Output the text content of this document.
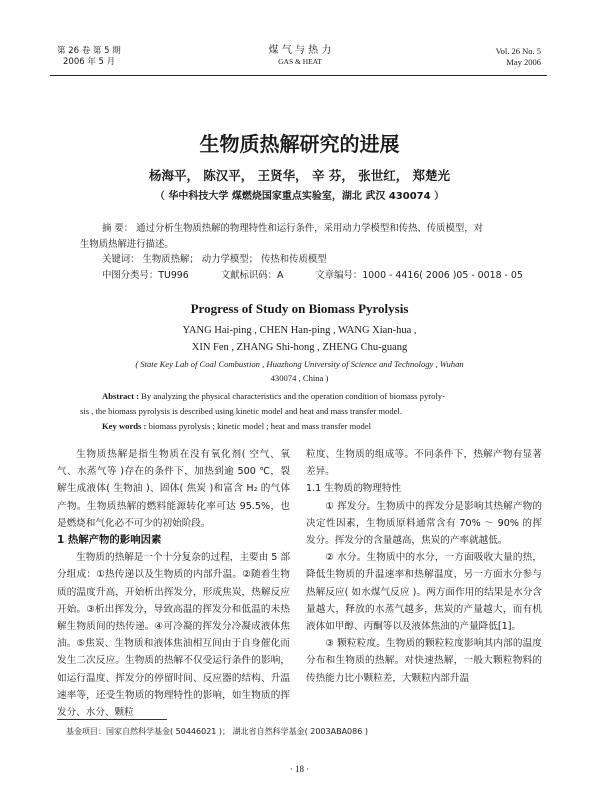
第 26 卷 第 5 期
2006 年 5 月
煤 气 与 热 力
GAS & HEAT
Vol. 26 No. 5
May 2006
生物质热解研究的进展
杨海平， 陈汉平， 王贤华， 辛 芬， 张世红， 郑楚光
（ 华中科技大学 煤燃烧国家重点实验室，湖北 武汉 430074 ）
摘 要： 通过分析生物质热解的物理特性和运行条件，采用动力学模型和传热、传质模型，对
生物质热解进行描述。
关键词： 生物质热解； 动力学模型； 传热和传质模型
中图分类号：TU996	文献标识码：A	文章编号：1000 - 4416( 2006 )05 - 0018 - 05
Progress of Study on Biomass Pyrolysis
YANG Hai-ping , CHEN Han-ping , WANG Xian-hua ,
XIN Fen , ZHANG Shi-hong , ZHENG Chu-guang
( State Key Lab of Coal Combustion , Huazhong University of Science and Technology , Wuhan
430074 , China )
Abstract : By analyzing the physical characteristics and the operation condition of biomass pyroly-
sis , the biomass pyrolysis is described using kinetic model and heat and mass transfer model.
Key words : biomass pyrolysis ; kinetic model ; heat and mass transfer model

生物质热解是指生物质在没有氧化剂( 空气、氧气、水蒸气等 )存在的条件下，加热到逾 500 ℃，裂解生成液体( 生物油 )、固体( 焦炭 )和富含 H₂ 的气体产物。生物质热解的燃料能源转化率可达 95.5%，也是燃烧和气化必不可少的初始阶段。

1 热解产物的影响因素

生物质的热解是一个十分复杂的过程，主要由 5 部分组成：①热传递以及生物质的内部升温。②随着生物质的温度升高，开始析出挥发分，形成焦炭，热解反应开始。③析出挥发分，导致高温的挥发分和低温的未热解生物质间的热传递。④可冷凝的挥发分冷凝成液体焦油。⑤焦炭、生物质和液体焦油相互间由于自身催化而发生二次反应。生物质的热解不仅受运行条件的影响，如运行温度、挥发分的停留时间、反应器的结构、升温速率等，还受生物质的物理特性的影响，如生物质的挥发分、水分、颗粒

粒度、生物质的组成等。不同条件下，热解产物有显著差异。

1.1 生物质的物理特性

① 挥发分。生物质中的挥发分是影响其热解产物的决定性因素，生物质原料通常含有 70% ～ 90% 的挥发分。挥发分的含量越高，焦炭的产率就越低。

② 水分。生物质中的水分，一方面吸收大量的热，降低生物质的升温速率和热解温度，另一方面水分参与热解反应( 如水煤气反应 )。两方面作用的结果是水分含量越大，释放的水蒸气越多，焦炭的产量越大，而有机液体如甲醇、丙酮等以及液体焦油的产量降低[1]。

③ 颗粒粒度。生物质的颗粒粒度影响其内部的温度分布和生物质的热解。对快速热解，一般大颗粒物料的传热能力比小颗粒差，大颗粒内部升温

基金项目：国家自然科学基金( 50446021 )； 湖北省自然科学基金( 2003ABA086 )
· 18 ·
